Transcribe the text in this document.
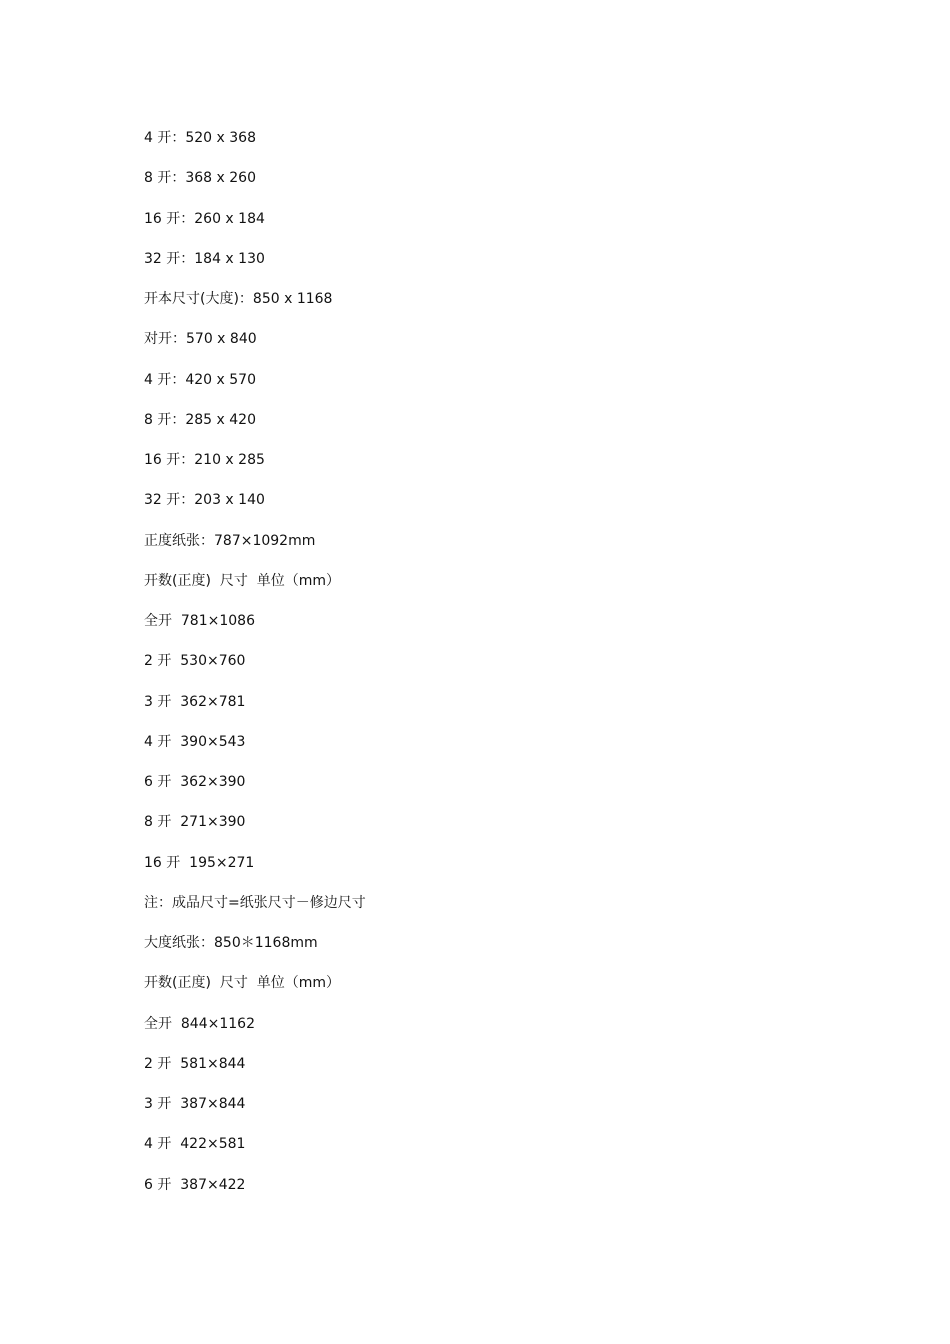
4 开：520 x 368
8 开：368 x 260
16 开：260 x 184
32 开：184 x 130
开本尺寸(大度)：850 x 1168
对开：570 x 840
4 开：420 x 570
8 开：285 x 420
16 开：210 x 285
32 开：203 x 140
正度纸张：787×1092mm
开数(正度)  尺寸  单位（mm）
全开  781×1086
2 开  530×760
3 开  362×781
4 开  390×543
6 开  362×390
8 开  271×390
16 开  195×271
注：成品尺寸=纸张尺寸－修边尺寸
大度纸张：850＊1168mm
开数(正度)  尺寸  单位（mm）
全开  844×1162
2 开  581×844
3 开  387×844
4 开  422×581
6 开  387×422
